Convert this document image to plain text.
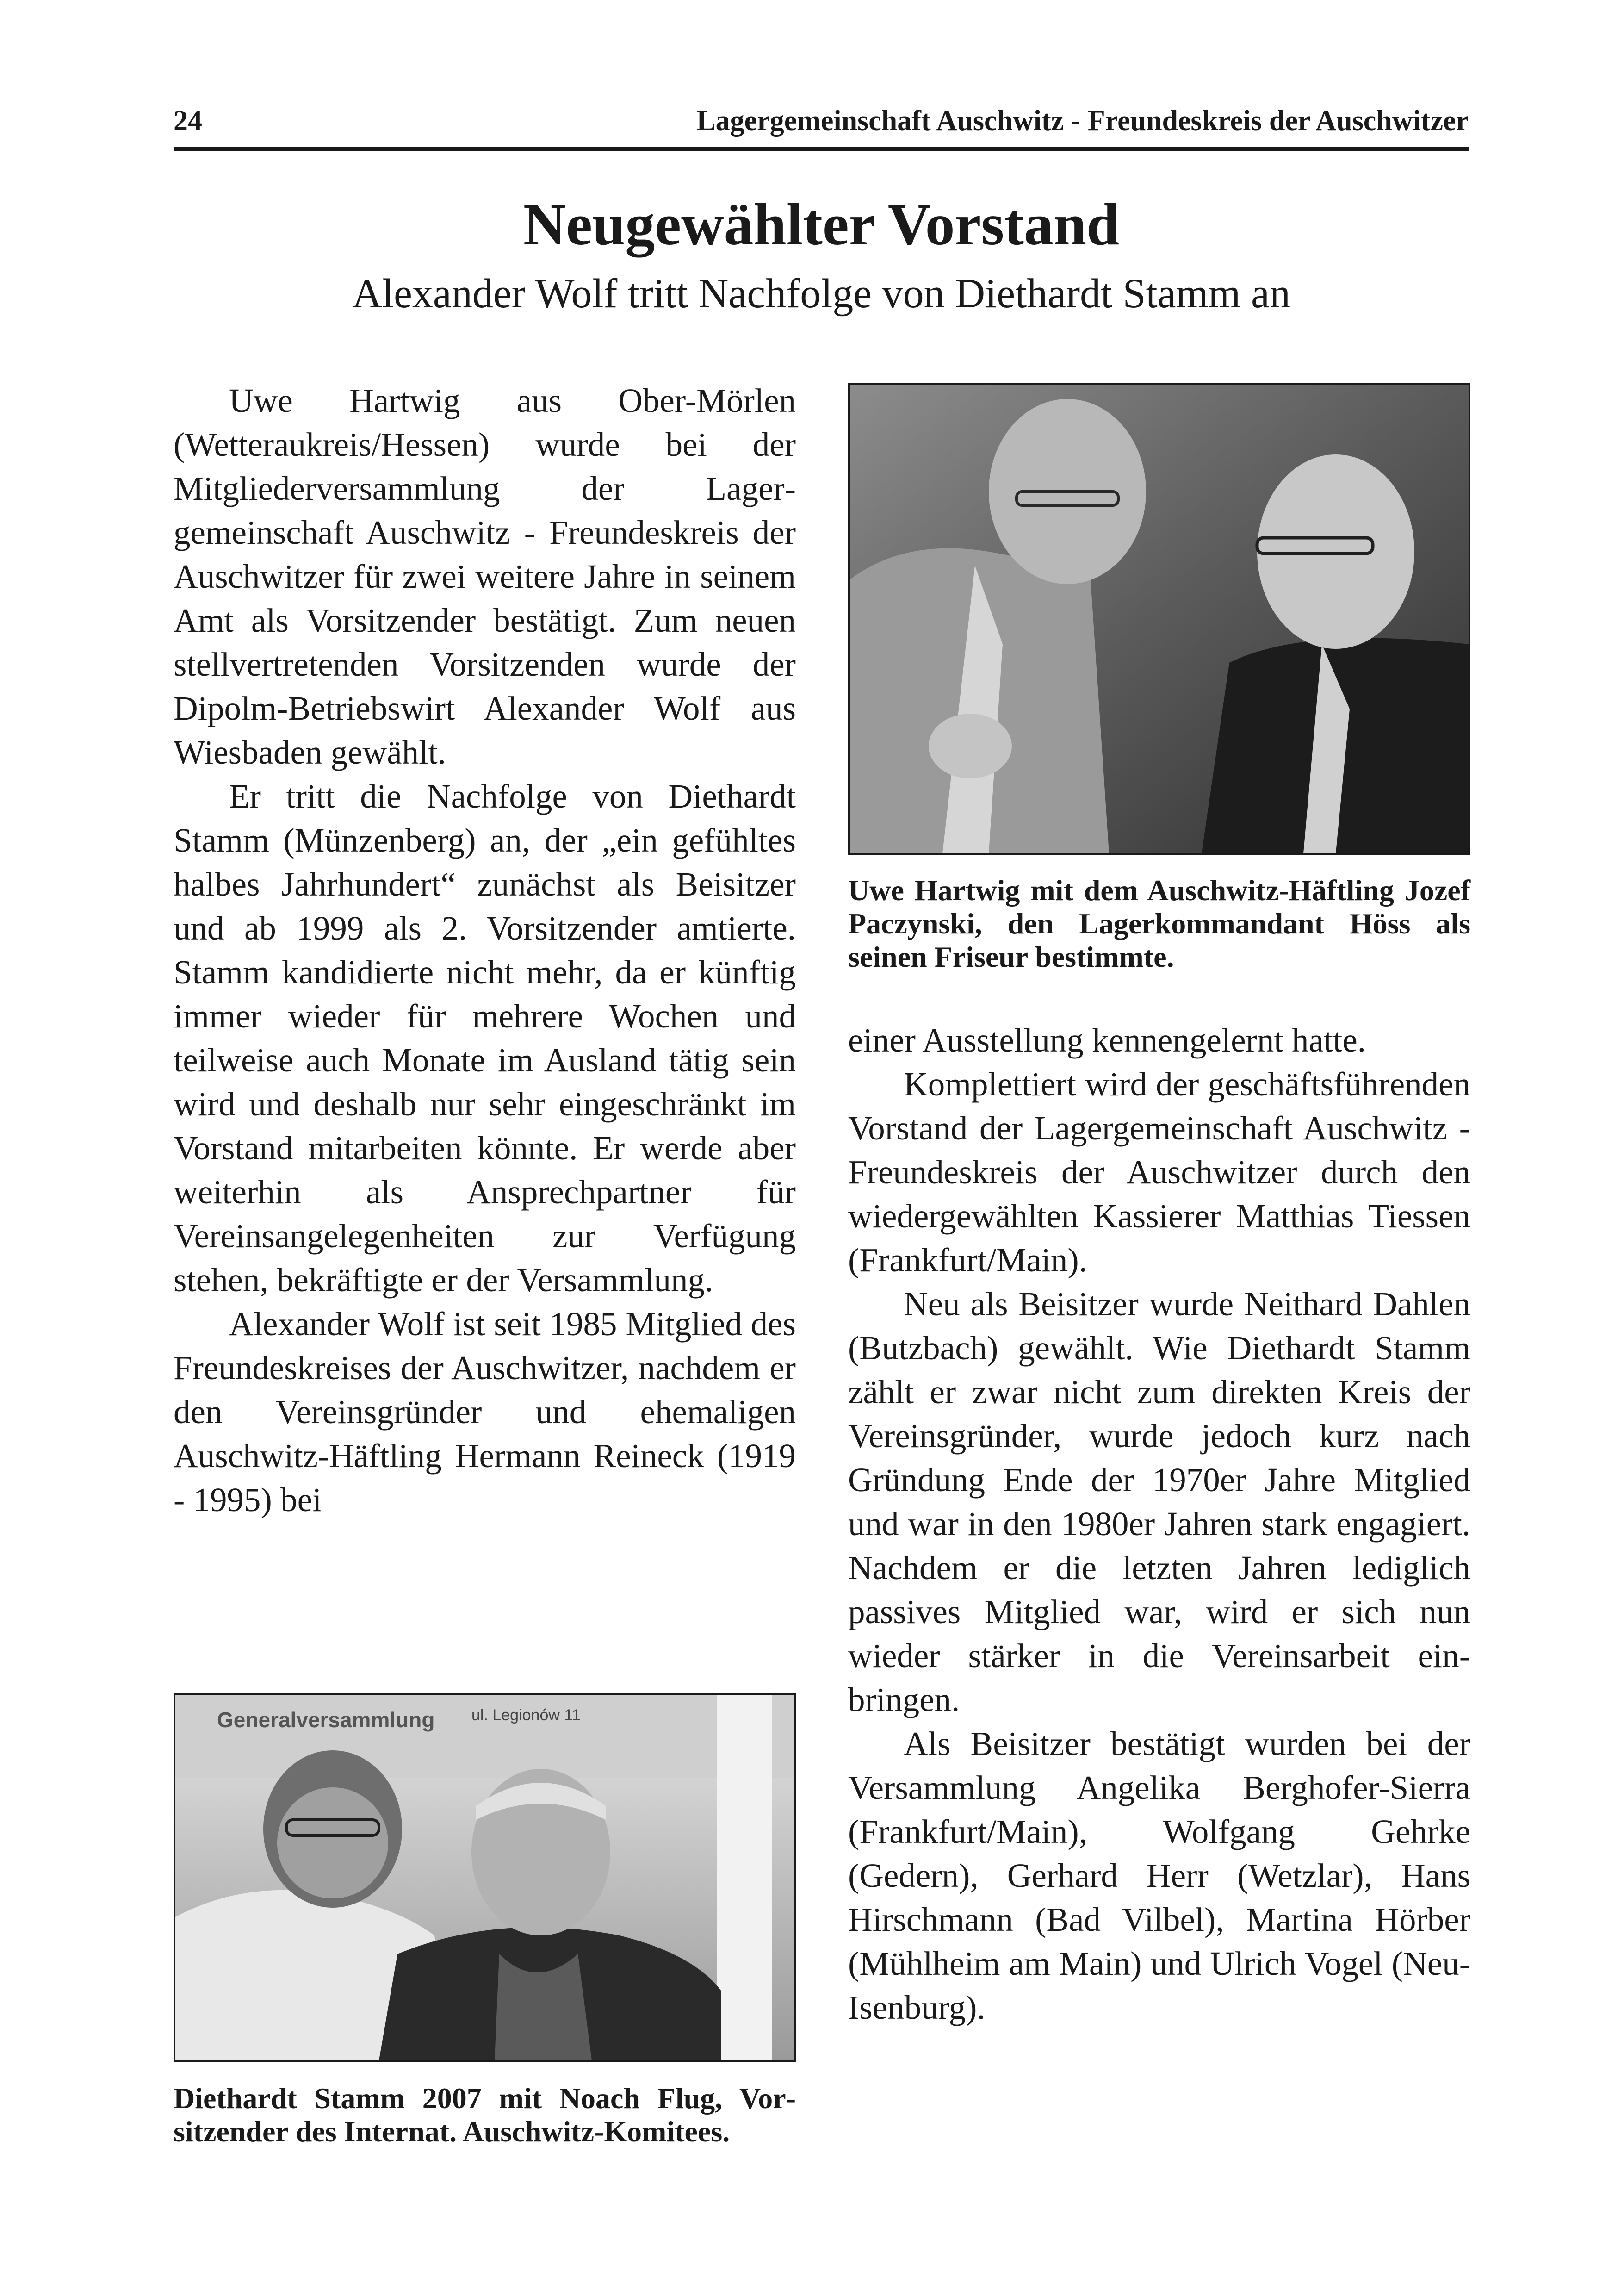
24	Lagergemeinschaft Auschwitz - Freundeskreis der Auschwitzer
Neugewählter Vorstand
Alexander Wolf tritt Nachfolge von Diethardt Stamm an

Uwe Hartwig aus Ober-Mörlen (Wetteraukreis/Hessen) wurde bei der Mitgliederversammlung der Lagergemeinschaft Auschwitz - Freundeskreis der Auschwitzer für zwei weitere Jahre in seinem Amt als Vorsitzender bestätigt. Zum neuen stellvertretenden Vorsitzenden wurde der Dipolm-Betriebswirt Alexander Wolf aus Wiesbaden gewählt.

Er tritt die Nachfolge von Diethardt Stamm (Münzenberg) an, der „ein gefühltes halbes Jahrhundert“ zunächst als Beisitzer und ab 1999 als 2. Vorsitzender amtierte. Stamm kandidierte nicht mehr, da er künftig immer wieder für mehrere Wochen und teilweise auch Monate im Ausland tätig sein wird und deshalb nur sehr eingeschränkt im Vorstand mitarbeiten könnte. Er werde aber weiterhin als Ansprechpartner für Vereinsangelegenheiten zur Verfügung stehen, bekräftigte er der Versammlung.

Alexander Wolf ist seit 1985 Mitglied des Freundeskreises der Auschwitzer, nachdem er den Vereinsgründer und ehemaligen Auschwitz-Häftling Hermann Reineck (1919 - 1995) bei

Uwe Hartwig mit dem Auschwitz-Häftling Jozef Paczynski, den Lagerkommandant Höss als seinen Friseur bestimmte.

einer Ausstellung kennengelernt hatte.

Komplettiert wird der geschäftsführenden Vorstand der Lagergemeinschaft Auschwitz - Freundeskreis der Auschwitzer durch den wiedergewählten Kassierer Matthias Tiessen (Frankfurt/Main).

Neu als Beisitzer wurde Neithard Dahlen (Butzbach) gewählt. Wie Diethardt Stamm zählt er zwar nicht zum direkten Kreis der Vereinsgründer, wurde jedoch kurz nach Gründung Ende der 1970er Jahre Mitglied und war in den 1980er Jahren stark engagiert. Nachdem er die letzten Jahren lediglich passives Mitglied war, wird er sich nun wieder stärker in die Vereinsarbeit einbringen.

Als Beisitzer bestätigt wurden bei der Versammlung Angelika Berghofer-Sierra (Frankfurt/Main), Wolfgang Gehrke (Gedern), Gerhard Herr (Wetzlar), Hans Hirschmann (Bad Vilbel), Martina Hörber (Mühlheim am Main) und Ulrich Vogel (Neu-Isenburg).

Generalversammlung ul. Legionów 11
Diethardt Stamm 2007 mit Noach Flug, Vorsitzender des Internat. Auschwitz-Komitees.
